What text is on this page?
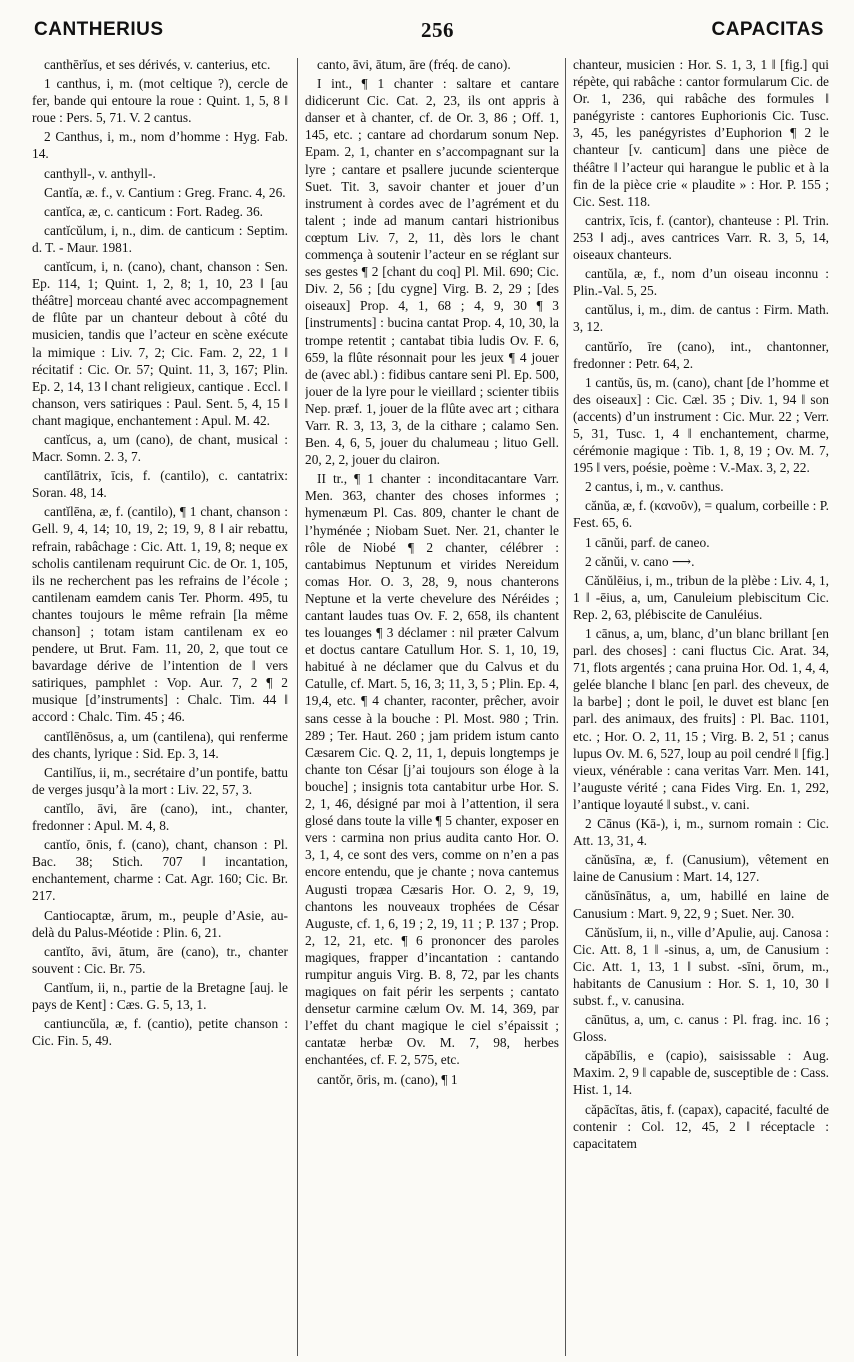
CANTHERIUS	256	CAPACITAS

canthērĭus, et ses dérivés, v. canterius, etc.

1 canthus, i, m. (mot celtique ?), cercle de fer, bande qui entoure la roue : Quint. 1, 5, 8 ‖ roue : Pers. 5, 71. V. 2 cantus.

2 Canthus, i, m., nom d’homme : Hyg. Fab. 14.

canthyll-, v. anthyll-.

Cantĭa, æ. f., v. Cantium : Greg. Franc. 4, 26.

cantĭca, æ, c. canticum : Fort. Radeg. 36.

cantĭcŭlum, i, n., dim. de canticum : Septim. d. T. - Maur. 1981.

cantĭcum, i, n. (cano), chant, chanson : Sen. Ep. 114, 1; Quint. 1, 2, 8; 1, 10, 23 ‖ [au théâtre] morceau chanté avec accompagnement de flûte par un chanteur debout à côté du musicien, tandis que l’acteur en scène exécute la mimique : Liv. 7, 2; Cic. Fam. 2, 22, 1 ‖ récitatif : Cic. Or. 57; Quint. 11, 3, 167; Plin. Ep. 2, 14, 13 ‖ chant religieux, cantique . Eccl. ‖ chanson, vers satiriques : Paul. Sent. 5, 4, 15 ‖ chant magique, enchantement : Apul. M. 42.

cantĭcus, a, um (cano), de chant, musical : Macr. Somn. 2. 3, 7.

cantĭlātrix, īcis, f. (cantilo), c. cantatrix: Soran. 48, 14.

cantĭlēna, æ, f. (cantilo), ¶ 1 chant, chanson : Gell. 9, 4, 14; 10, 19, 2; 19, 9, 8 ‖ air rebattu, refrain, rabâchage : Cic. Att. 1, 19, 8; neque ex scholis cantilenam requirunt Cic. de Or. 1, 105, ils ne recherchent pas les refrains de l’école ; cantilenam eamdem canis Ter. Phorm. 495, tu chantes toujours le même refrain [la même chanson] ; totam istam cantilenam ex eo pendere, ut Brut. Fam. 11, 20, 2, que tout ce bavardage dérive de l’intention de ‖ vers satiriques, pamphlet : Vop. Aur. 7, 2 ¶ 2 musique [d’instruments] : Chalc. Tim. 44 ‖ accord : Chalc. Tim. 45 ; 46.

cantĭlēnōsus, a, um (cantilena), qui renferme des chants, lyrique : Sid. Ep. 3, 14.

Cantilĭus, ii, m., secrétaire d’un pontife, battu de verges jusqu’à la mort : Liv. 22, 57, 3.

cantĭlo, āvi, āre (cano), int., chanter, fredonner : Apul. M. 4, 8.

cantĭo, ōnis, f. (cano), chant, chanson : Pl. Bac. 38; Stich. 707 ‖ incantation, enchantement, charme : Cat. Agr. 160; Cic. Br. 217.

Cantiocaptæ, ārum, m., peuple d’Asie, au-delà du Palus-Méotide : Plin. 6, 21.

cantĭto, āvi, ātum, āre (cano), tr., chanter souvent : Cic. Br. 75.

Cantĭum, ii, n., partie de la Bretagne [auj. le pays de Kent] : Cæs. G. 5, 13, 1.

cantiuncŭla, æ, f. (cantio), petite chanson : Cic. Fin. 5, 49.

canto, āvi, ātum, āre (fréq. de cano).

I int., ¶ 1 chanter : saltare et cantare didicerunt Cic. Cat. 2, 23, ils ont appris à danser et à chanter, cf. de Or. 3, 86 ; Off. 1, 145, etc. ; cantare ad chordarum sonum Nep. Epam. 2, 1, chanter en s’accompagnant sur la lyre ; cantare et psallere jucunde scienterque Suet. Tit. 3, savoir chanter et jouer d’un instrument à cordes avec de l’agrément et du talent ; inde ad manum cantari histrionibus cœptum Liv. 7, 2, 11, dès lors le chant commença à soutenir l’acteur en se réglant sur ses gestes ¶ 2 [chant du coq] Pl. Mil. 690; Cic. Div. 2, 56 ; [du cygne] Virg. B. 2, 29 ; [des oiseaux] Prop. 4, 1, 68 ; 4, 9, 30 ¶ 3 [instruments] : bucina cantat Prop. 4, 10, 30, la trompe retentit ; cantabat tibia ludis Ov. F. 6, 659, la flûte résonnait pour les jeux ¶ 4 jouer de (avec abl.) : fidibus cantare seni Pl. Ep. 500, jouer de la lyre pour le vieillard ; scienter tibiis Nep. præf. 1, jouer de la flûte avec art ; cithara Varr. R. 3, 13, 3, de la cithare ; calamo Sen. Ben. 4, 6, 5, jouer du chalumeau ; lituo Gell. 20, 2, 2, jouer du clairon.

II tr., ¶ 1 chanter : inconditacantare Varr. Men. 363, chanter des choses informes ; hymenæum Pl. Cas. 809, chanter le chant de l’hyménée ; Niobam Suet. Ner. 21, chanter le rôle de Niobé ¶ 2 chanter, célébrer : cantabimus Neptunum et virides Nereidum comas Hor. O. 3, 28, 9, nous chanterons Neptune et la verte chevelure des Néréides ; cantant laudes tuas Ov. F. 2, 658, ils chantent tes louanges ¶ 3 déclamer : nil præter Calvum et doctus cantare Catullum Hor. S. 1, 10, 19, habitué à ne déclamer que du Calvus et du Catulle, cf. Mart. 5, 16, 3; 11, 3, 5 ; Plin. Ep. 4, 19,4, etc. ¶ 4 chanter, raconter, prêcher, avoir sans cesse à la bouche : Pl. Most. 980 ; Trin. 289 ; Ter. Haut. 260 ; jam pridem istum canto Cæsarem Cic. Q. 2, 11, 1, depuis longtemps je chante ton César [j’ai toujours son éloge à la bouche] ; insignis tota cantabitur urbe Hor. S. 2, 1, 46, désigné par moi à l’attention, il sera glosé dans toute la ville ¶ 5 chanter, exposer en vers : carmina non prius audita canto Hor. O. 3, 1, 4, ce sont des vers, comme on n’en a pas encore entendu, que je chante ; nova cantemus Augusti tropæa Cæsaris Hor. O. 2, 9, 19, chantons les nouveaux trophées de César Auguste, cf. 1, 6, 19 ; 2, 19, 11 ; P. 137 ; Prop. 2, 12, 21, etc. ¶ 6 prononcer des paroles magiques, frapper d’incantation : cantando rumpitur anguis Virg. B. 8, 72, par les chants magiques on fait périr les serpents ; cantato densetur carmine cælum Ov. M. 14, 369, par l’effet du chant magique le ciel s’épaissit ; cantatæ herbæ Ov. M. 7, 98, herbes enchantées, cf. F. 2, 575, etc.

cantŏr, ōris, m. (cano), ¶ 1

chanteur, musicien : Hor. S. 1, 3, 1 ‖ [fig.] qui répète, qui rabâche : cantor formularum Cic. de Or. 1, 236, qui rabâche des formules ‖ panégyriste : cantores Euphorionis Cic. Tusc. 3, 45, les panégyristes d’Euphorion ¶ 2 le chanteur [v. canticum] dans une pièce de théâtre ‖ l’acteur qui harangue le public et à la fin de la pièce crie « plaudite » : Hor. P. 155 ; Cic. Sest. 118.

cantrix, īcis, f. (cantor), chanteuse : Pl. Trin. 253 ‖ adj., aves cantrices Varr. R. 3, 5, 14, oiseaux chanteurs.

cantŭla, æ, f., nom d’un oiseau inconnu : Plin.-Val. 5, 25.

cantŭlus, i, m., dim. de cantus : Firm. Math. 3, 12.

cantŭrĭo, īre (cano), int., chantonner, fredonner : Petr. 64, 2.

1 cantŭs, ūs, m. (cano), chant [de l’homme et des oiseaux] : Cic. Cæl. 35 ; Div. 1, 94 ‖ son (accents) d’un instrument : Cic. Mur. 22 ; Verr. 5, 31, Tusc. 1, 4 ‖ enchantement, charme, cérémonie magique : Tib. 1, 8, 19 ; Ov. M. 7, 195 ‖ vers, poésie, poème : V.-Max. 3, 2, 22.

2 cantus, i, m., v. canthus.

cănŭa, æ, f. (κανοῦν), = qualum, corbeille : P. Fest. 65, 6.

1 cānŭi, parf. de caneo.

2 cănŭi, v. cano ⟶.

Cănŭlēius, i, m., tribun de la plèbe : Liv. 4, 1, 1 ‖ -ēius, a, um, Canuleium plebiscitum Cic. Rep. 2, 63, plébiscite de Canuléius.

1 cānus, a, um, blanc, d’un blanc brillant [en parl. des choses] : cani fluctus Cic. Arat. 34, 71, flots argentés ; cana pruina Hor. Od. 1, 4, 4, gelée blanche ‖ blanc [en parl. des cheveux, de la barbe] ; dont le poil, le duvet est blanc [en parl. des animaux, des fruits] : Pl. Bac. 1101, etc. ; Hor. O. 2, 11, 15 ; Virg. B. 2, 51 ; canus lupus Ov. M. 6, 527, loup au poil cendré ‖ [fig.] vieux, vénérable : cana veritas Varr. Men. 141, l’auguste vérité ; cana Fides Virg. En. 1, 292, l’antique loyauté ‖ subst., v. cani.

2 Cānus (Kā-), i, m., surnom romain : Cic. Att. 13, 31, 4.

cănŭsīna, æ, f. (Canusium), vêtement en laine de Canusium : Mart. 14, 127.

cănŭsīnātus, a, um, habillé en laine de Canusium : Mart. 9, 22, 9 ; Suet. Ner. 30.

Cănŭsĭum, ii, n., ville d’Apulie, auj. Canosa : Cic. Att. 8, 1 ‖ -sinus, a, um, de Canusium : Cic. Att. 1, 13, 1 ‖ subst. -sīni, ōrum, m., habitants de Canusium : Hor. S. 1, 10, 30 ‖ subst. f., v. canusina.

cānūtus, a, um, c. canus : Pl. frag. inc. 16 ; Gloss.

căpābĭlis, e (capio), saisissable : Aug. Maxim. 2, 9 ‖ capable de, susceptible de : Cass. Hist. 1, 14.

căpācĭtas, ātis, f. (capax), capacité, faculté de contenir : Col. 12, 45, 2 ‖ réceptacle : capacitatem
